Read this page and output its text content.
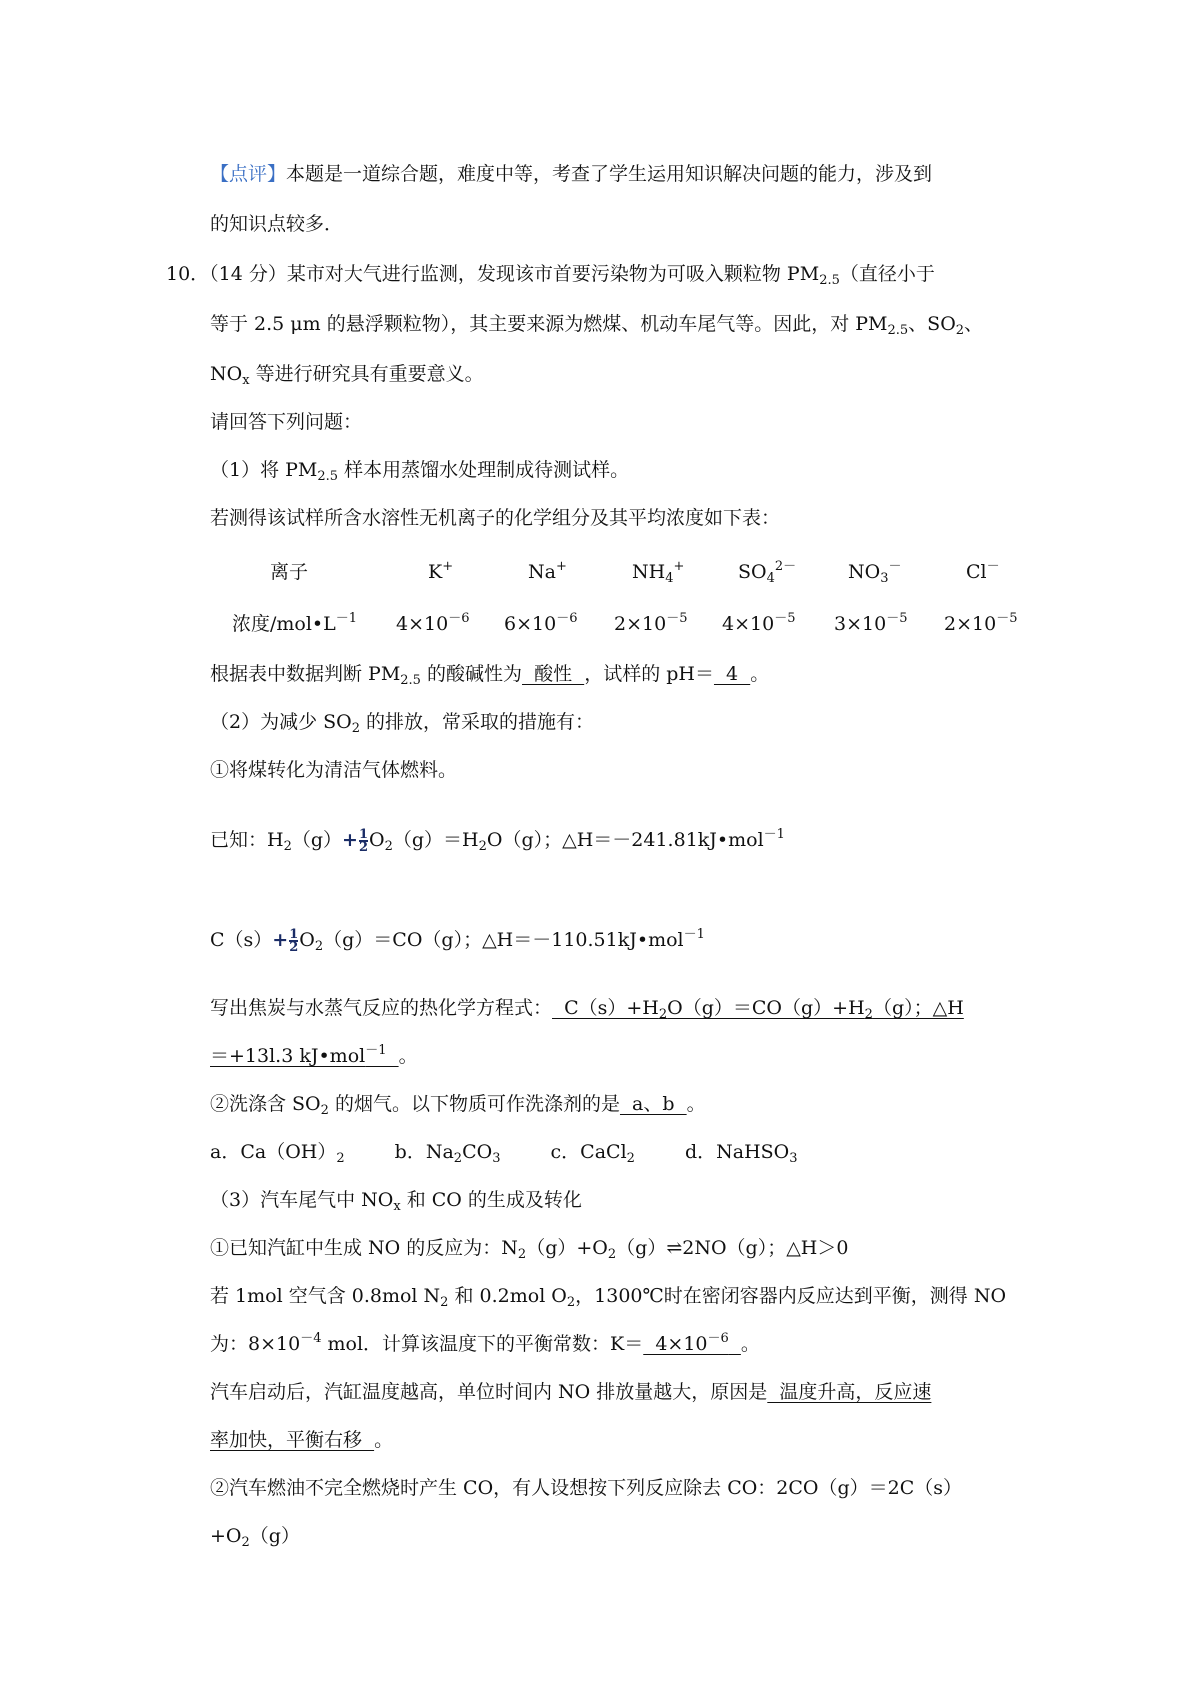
【点评】本题是一道综合题，难度中等，考查了学生运用知识解决问题的能力，涉及到
的知识点较多．
10．（14 分）某市对大气进行监测，发现该市首要污染物为可吸入颗粒物 $PM_{2.5}$（直径小于
等于 2.5 μm 的悬浮颗粒物），其主要来源为燃煤、机动车尾气等。因此，对 $PM_{2.5}$、$SO_2$、
$NO_x$ 等进行研究具有重要意义。
请回答下列问题：
（1）将 $PM_{2.5}$ 样本用蒸馏水处理制成待测试样。
若测得该试样所含水溶性无机离子的化学组分及其平均浓度如下表：
离子	K+	Na+	$NH_4^+$	$SO_4^{2-}$	$NO_3^-$	Cl－
浓度$/mol•L^{-1}$ $4\times 10^{-6}$ $6\times 10^{-6}$ $2\times 10^{-5}$ $4\times 10^{-5}$ $3\times 10^{-5}$ $2\times 10^{-5}$
根据表中数据判断 $PM_{2.5}$ 的酸碱性为  酸性  ，试样的 pH＝  4  。
（2）为减少 $SO_2$ 的排放，常采取的措施有：
①将煤转化为清洁气体燃料。
已知：$H_2(g)+ \frac{1}{2} O_2(g)=H_2O(g)$；△H＝－241.81kJ•mol$^{-1}$
$C(s)+ \frac{1}{2} O_2(g)=CO(g)$；△H＝－110.51kJ•mol$^{-1}$
写出焦炭与水蒸气反应的热化学方程式：  $C(s)+H_2O(g)=CO(g)+H_2(g)$；△H
＝+13l.3 kJ•mol$^{-1}$ 。
②洗涤含 $SO_2$ 的烟气。以下物质可作洗涤剂的是  a、b  。
a．$Ca(OH)_2$	b．$Na_2CO_3$	c．CaCl$_2$	d．NaHSO$_3$
（3）汽车尾气中 $NO_x$ 和 CO 的生成及转化
①已知汽缸中生成 NO 的反应为：$N_2(g)+O_2(g)\rightleftharpoons 2NO(g)$；△H＞0
若 1mol 空气含 0.8mol $N_2$ 和 0.2mol $O_2$，1300℃时在密闭容器内反应达到平衡，测得 NO
为：$8\times 10^{-4}$ mol．计算该温度下的平衡常数：$K= 4\times 10^{-6}$ 。
汽车启动后，汽缸温度越高，单位时间内 NO 排放量越大，原因是  温度升高，反应速
率加快，平衡右移  。
②汽车燃油不完全燃烧时产生 CO，有人设想按下列反应除去 CO：2CO（g）＝2C（s）
$+O_2(g)$
